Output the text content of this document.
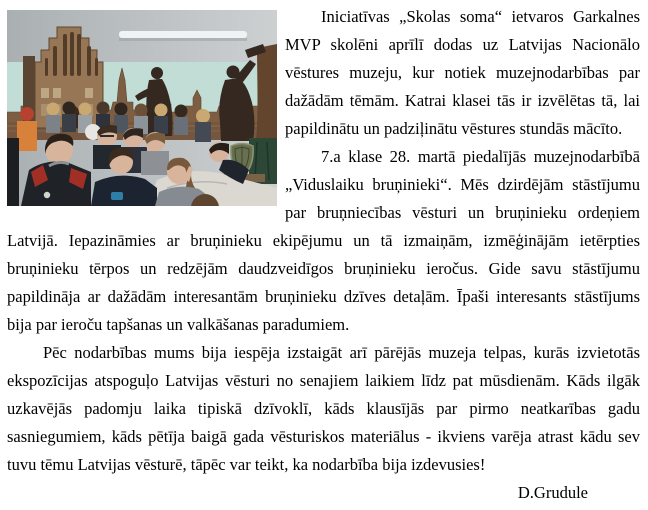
Iniciatīvas „Skolas soma“ ietvaros Garkalnes MVP skolēni aprīlī dodas uz Latvijas Nacionālo vēstures muzeju, kur notiek muzejnodarbības par dažādām tēmām. Katrai klasei tās ir izvēlētas tā, lai papildinātu un padziļinātu vēstures stundās mācīto.

7.a klase 28. martā piedalījās muzejnodarbībā „Viduslaiku bruņinieki“. Mēs dzirdējām stāstījumu par bruņniecības vēsturi un bruņinieku ordeņiem Latvijā. Iepazināmies ar bruņinieku ekipējumu un tā izmaiņām, izmēģinājām ietērpties bruņinieku tērpos un redzējām daudzveidīgos bruņinieku ieročus. Gide savu stāstījumu papildināja ar dažādām interesantām bruņinieku dzīves detaļām. Īpaši interesants stāstījums bija par ieroču tapšanas un valkāšanas paradumiem.

Pēc nodarbības mums bija iespēja izstaigāt arī pārējās muzeja telpas, kurās izvietotās ekspozīcijas atspoguļo Latvijas vēsturi no senajiem laikiem līdz pat mūsdienām. Kāds ilgāk uzkavējās padomju laika tipiskā dzīvoklī, kāds klausījās par pirmo neatkarības gadu sasniegumiem, kāds pētīja baigā gada vēsturiskos materiālus - ikviens varēja atrast kādu sev tuvu tēmu Latvijas vēsturē, tāpēc var teikt, ka nodarbība bija izdevusies!

D.Grudule
